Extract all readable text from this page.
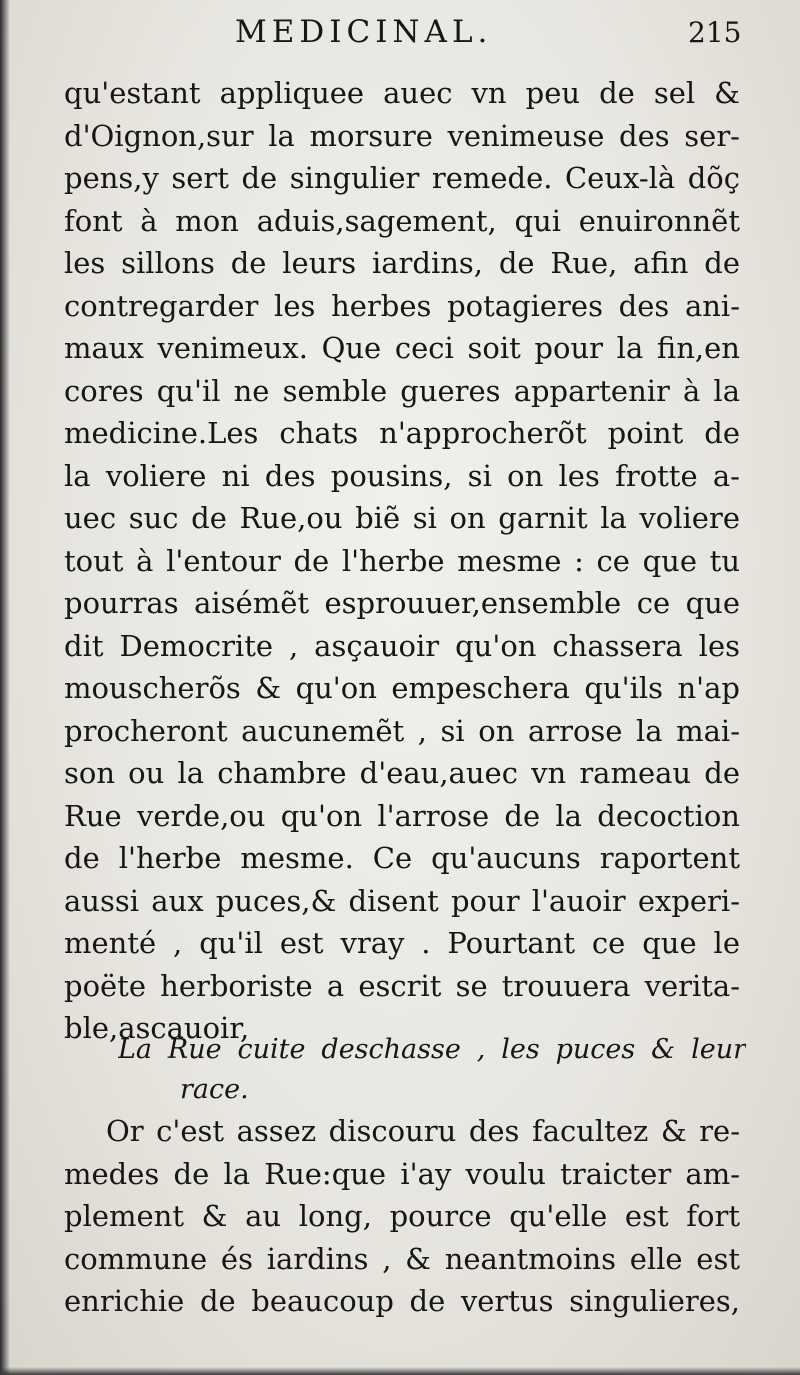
MEDICINAL.	215
qu'estant appliquee auec vn peu de sel &
d'Oignon,sur la morsure venimeuse des ser-
pens,y sert de singulier remede. Ceux-là dõç
font à mon aduis,sagement, qui enuironnẽt
les sillons de leurs iardins, de Rue, afin de
contregarder les herbes potagieres des ani-
maux venimeux. Que ceci soit pour la fin,en
cores qu'il ne semble gueres appartenir à la
medicine.Les chats n'approcherõt point de
la voliere ni des pousins, si on les frotte a-
uec suc de Rue,ou biẽ si on garnit la voliere
tout à l'entour de l'herbe mesme : ce que tu
pourras aisémẽt esprouuer,ensemble ce que
dit Democrite , asçauoir qu'on chassera les
mouscherõs & qu'on empeschera qu'ils n'ap
procheront aucunemẽt , si on arrose la mai-
son ou la chambre d'eau,auec vn rameau de
Rue verde,ou qu'on l'arrose de la decoction
de l'herbe mesme. Ce qu'aucuns raportent
aussi aux puces,& disent pour l'auoir experi-
menté , qu'il est vray . Pourtant ce que le
poëte herboriste a escrit se trouuera verita-
ble,ascauoir,
La Rue cuite deschasse , les puces & leur
race.
Or c'est assez discouru des facultez & re-
medes de la Rue:que i'ay voulu traicter am-
plement & au long, pource qu'elle est fort
commune és iardins , & neantmoins elle est
enrichie de beaucoup de vertus singulieres,
